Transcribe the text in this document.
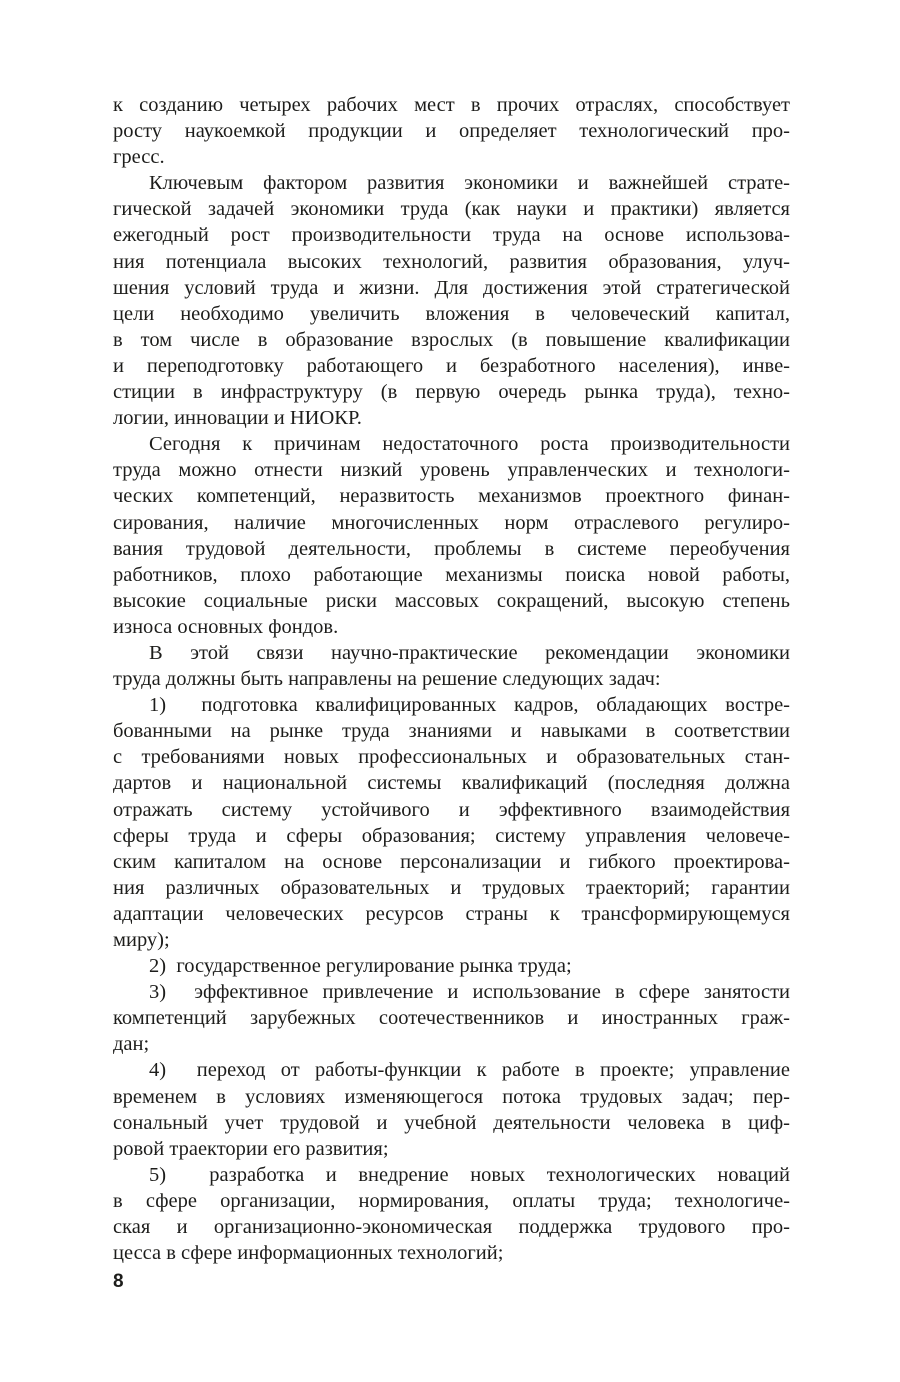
к созданию четырех рабочих мест в прочих отраслях, способствует
росту наукоемкой продукции и определяет технологический про-
гресс.
Ключевым фактором развития экономики и важнейшей страте-
гической задачей экономики труда (как науки и практики) является
ежегодный рост производительности труда на основе использова-
ния потенциала высоких технологий, развития образования, улуч-
шения условий труда и жизни. Для достижения этой стратегической
цели необходимо увеличить вложения в человеческий капитал,
в том числе в образование взрослых (в повышение квалификации
и переподготовку работающего и безработного населения), инве-
стиции в инфраструктуру (в первую очередь рынка труда), техно-
логии, инновации и НИОКР.
Сегодня к причинам недостаточного роста производительности
труда можно отнести низкий уровень управленческих и технологи-
ческих компетенций, неразвитость механизмов проектного финан-
сирования, наличие многочисленных норм отраслевого регулиро-
вания трудовой деятельности, проблемы в системе переобучения
работников, плохо работающие механизмы поиска новой работы,
высокие социальные риски массовых сокращений, высокую степень
износа основных фондов.
В этой связи научно-практические рекомендации экономики
труда должны быть направлены на решение следующих задач:
1)  подготовка квалифицированных кадров, обладающих востре-
бованными на рынке труда знаниями и навыками в соответствии
с требованиями новых профессиональных и образовательных стан-
дартов и национальной системы квалификаций (последняя должна
отражать систему устойчивого и эффективного взаимодействия
сферы труда и сферы образования; систему управления человече-
ским капиталом на основе персонализации и гибкого проектирова-
ния различных образовательных и трудовых траекторий; гарантии
адаптации человеческих ресурсов страны к трансформирующемуся
миру);
2)  государственное регулирование рынка труда;
3)  эффективное привлечение и использование в сфере занятости
компетенций зарубежных соотечественников и иностранных граж-
дан;
4)  переход от работы-функции к работе в проекте; управление
временем в условиях изменяющегося потока трудовых задач; пер-
сональный учет трудовой и учебной деятельности человека в циф-
ровой траектории его развития;
5)  разработка и внедрение новых технологических новаций
в сфере организации, нормирования, оплаты труда; технологиче-
ская и организационно-экономическая поддержка трудового про-
цесса в сфере информационных технологий;
8
